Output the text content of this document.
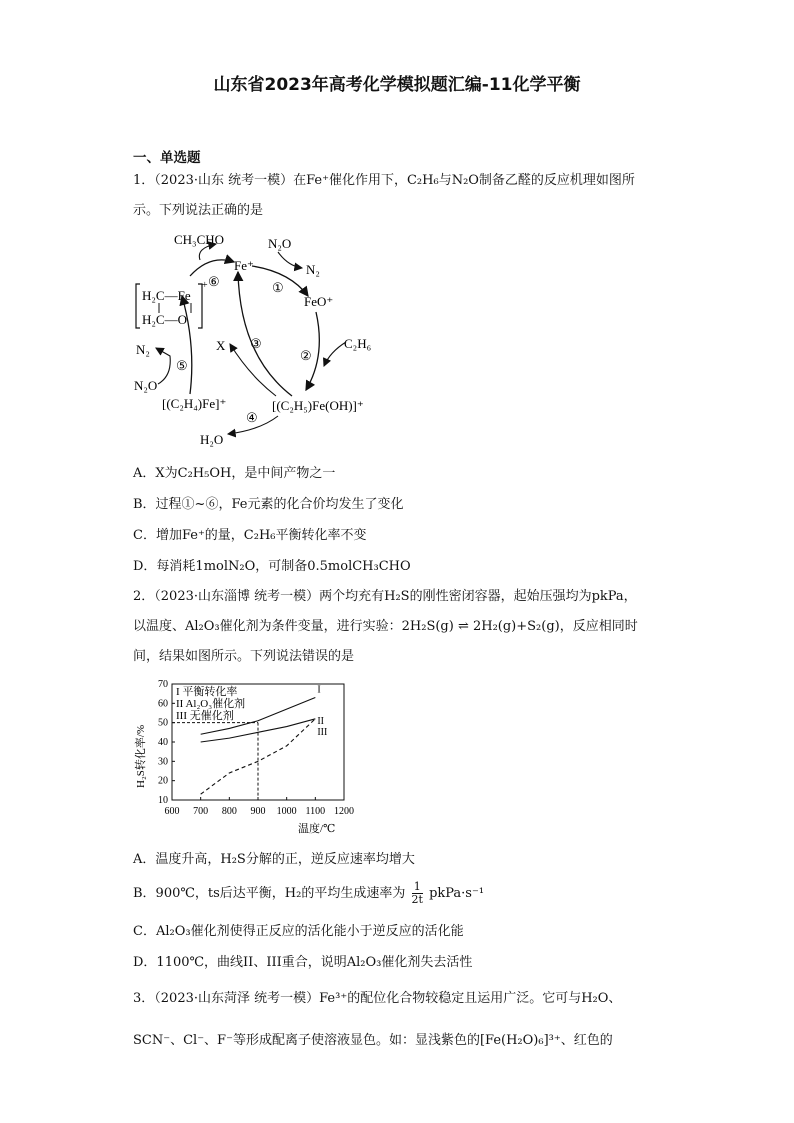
山东省2023年高考化学模拟题汇编-11化学平衡
一、单选题
1．（2023·山东 统考一模）在Fe⁺催化作用下，C₂H₆与N₂O制备乙醛的反应机理如图所
示。下列说法正确的是
CH₃CHO
Fe⁺
N₂O
N₂
FeO⁺
H₂C—Fe
H₂C—O
+
C₂H₆
X
N₂
N₂O
[(C₂H₄)Fe]⁺	[(C₂H₅)Fe(OH)]⁺
H₂O
①
②
③
④
⑤
⑥
A．X为C₂H₅OH，是中间产物之一
B．过程①~⑥，Fe元素的化合价均发生了变化
C．增加Fe⁺的量，C₂H₆平衡转化率不变
D．每消耗1molN₂O，可制备0.5molCH₃CHO
2．（2023·山东淄博 统考一模）两个均充有H₂S的刚性密闭容器，起始压强均为pkPa，
以温度、Al₂O₃催化剂为条件变量，进行实验：2H₂S(g) ⇌ 2H₂(g)+S₂(g)，反应相同时
间，结果如图所示。下列说法错误的是
600 700 800 900 1000 1100 1200
10
20
30
40
50
60
70
I
II
III
I 平衡转化率
II Al₂O₃催化剂
III 无催化剂
温度/℃
H₂S转化率/%
A．温度升高，H₂S分解的正，逆反应速率均增大
B．900℃，ts后达平衡，H₂的平均生成速率为 $\frac{1}{2t}$ pkPa·s⁻¹
C．Al₂O₃催化剂使得正反应的活化能小于逆反应的活化能
D．1100℃，曲线II、III重合，说明Al₂O₃催化剂失去活性
3．（2023·山东菏泽 统考一模）Fe³⁺的配位化合物较稳定且运用广泛。它可与H₂O、
SCN⁻、Cl⁻、F⁻等形成配离子使溶液显色。如：显浅紫色的[Fe(H₂O)₆]³⁺、红色的
